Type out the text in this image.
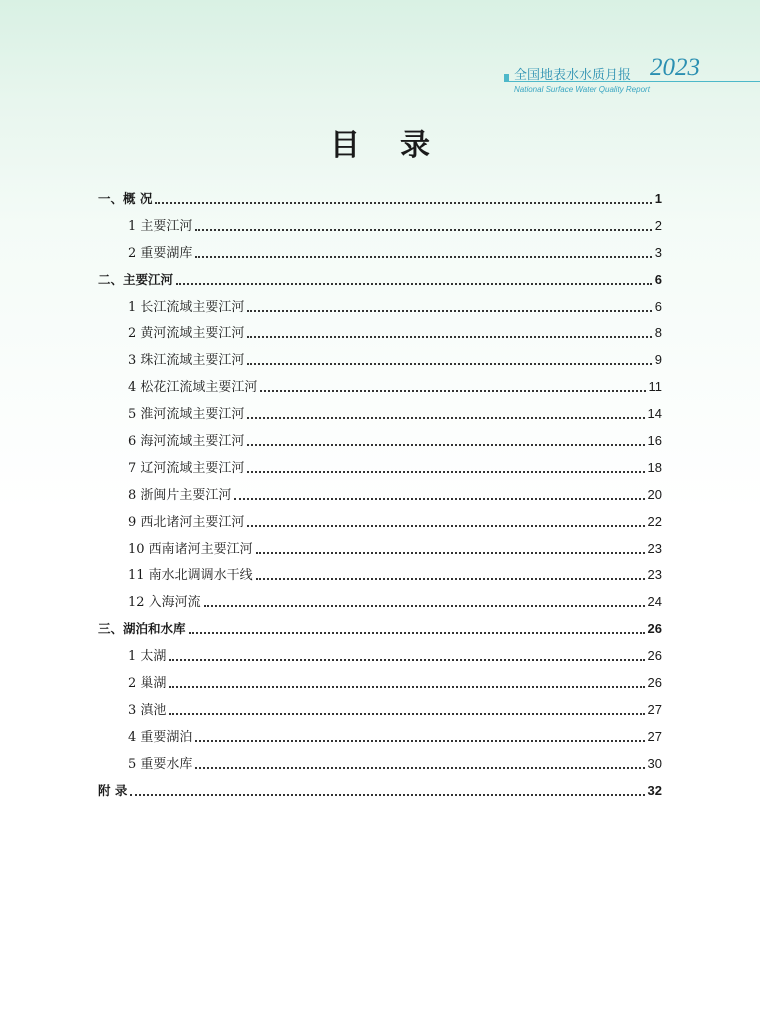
全国地表水水质月报 2023
National Surface Water Quality Report
目录
一、概 况	1
1 主要江河	2
2 重要湖库	3
二、主要江河	6
1 长江流域主要江河	6
2 黄河流域主要江河	8
3 珠江流域主要江河	9
4 松花江流域主要江河	11
5 淮河流域主要江河	14
6 海河流域主要江河	16
7 辽河流域主要江河	18
8 浙闽片主要江河	20
9 西北诸河主要江河	22
10 西南诸河主要江河	23
11 南水北调调水干线	23
12 入海河流	24
三、湖泊和水库	26
1 太湖	26
2 巢湖	26
3 滇池	27
4 重要湖泊	27
5 重要水库	30
附 录	32
